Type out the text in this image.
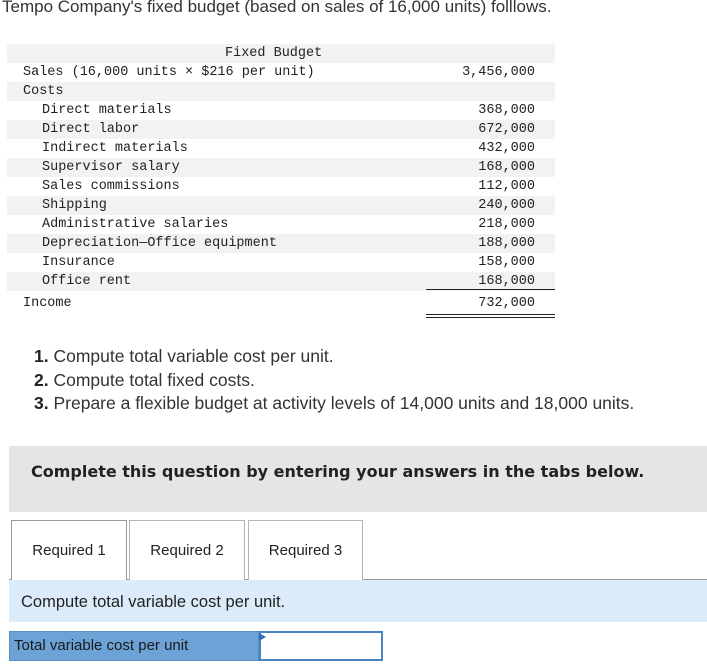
Tempo Company's fixed budget (based on sales of 16,000 units) folllows.
Fixed Budget
Sales (16,000 units × $216 per unit)	3,456,000
Costs
Direct materials	368,000
Direct labor	672,000
Indirect materials	432,000
Supervisor salary	168,000
Sales commissions	112,000
Shipping	240,000
Administrative salaries	218,000
Depreciation—Office equipment	188,000
Insurance	158,000
Office rent	168,000
Income	732,000
1. Compute total variable cost per unit.
2. Compute total fixed costs.
3. Prepare a flexible budget at activity levels of 14,000 units and 18,000 units.
Complete this question by entering your answers in the tabs below.
Required 1	Required 2	Required 3
Compute total variable cost per unit.
Total variable cost per unit
